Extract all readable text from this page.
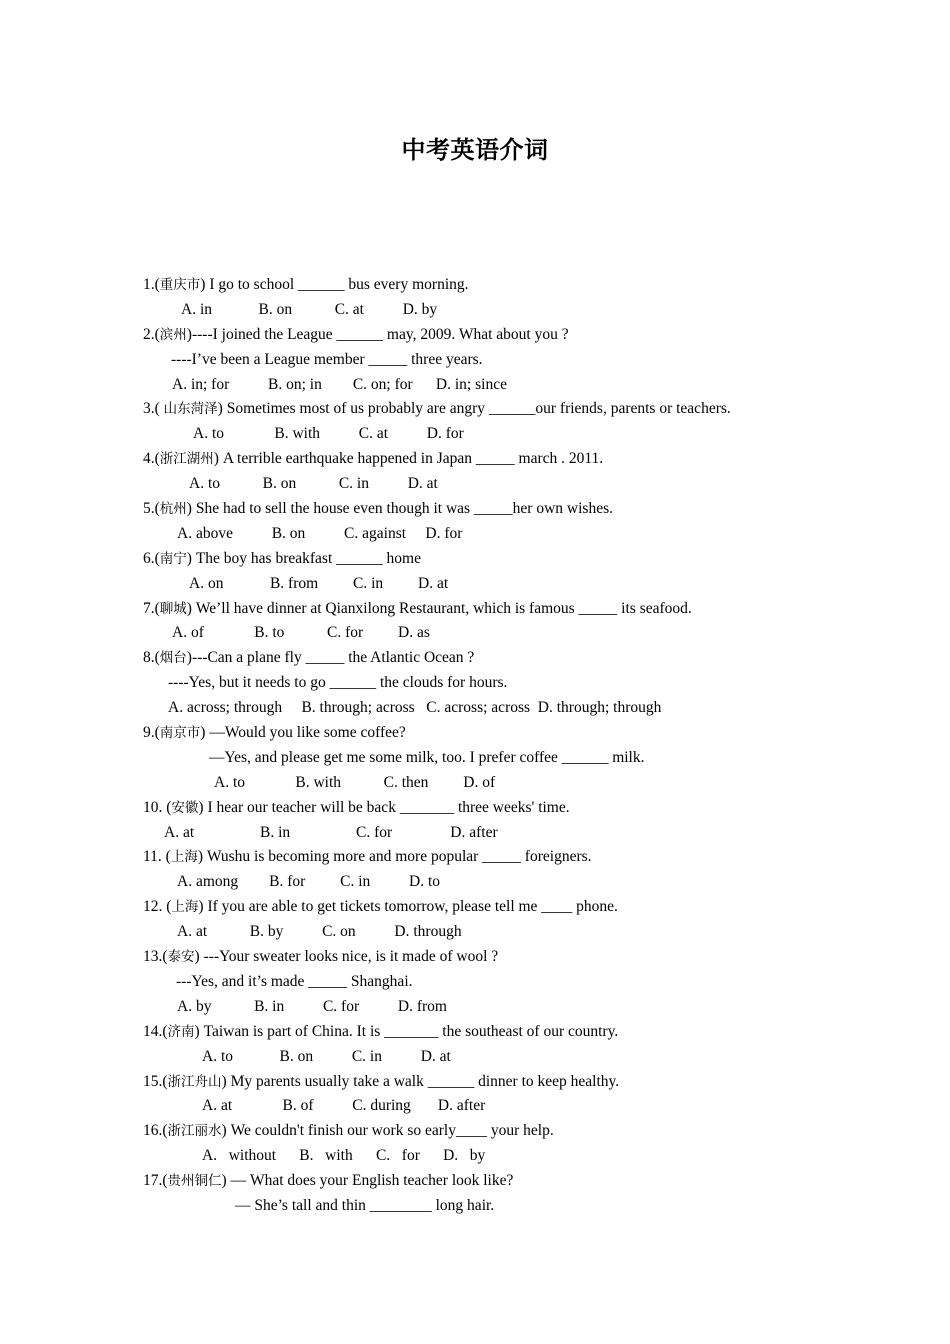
中考英语介词
1.(重庆市) I go to school ______ bus every morning.
A. in            B. on           C. at          D. by
2.(滨州)----I joined the League ______ may, 2009. What about you ?
----I’ve been a League member _____ three years.
A. in; for          B. on; in        C. on; for      D. in; since
3.( 山东菏泽) Sometimes most of us probably are angry ______our friends, parents or teachers.
A. to             B. with          C. at          D. for
4.(浙江湖州) A terrible earthquake happened in Japan _____ march . 2011.
A. to           B. on           C. in          D. at
5.(杭州) She had to sell the house even though it was _____her own wishes.
A. above          B. on          C. against     D. for
6.(南宁) The boy has breakfast ______ home
A. on            B. from         C. in         D. at
7.(聊城) We’ll have dinner at Qianxilong Restaurant, which is famous _____ its seafood.
A. of             B. to           C. for         D. as
8.(烟台)---Can a plane fly _____ the Atlantic Ocean ?
----Yes, but it needs to go ______ the clouds for hours.
A. across; through     B. through; across   C. across; across  D. through; through
9.(南京市) —Would you like some coffee?
—Yes, and please get me some milk, too. I prefer coffee ______ milk.
A. to             B. with           C. then         D. of
10. (安徽) I hear our teacher will be back _______ three weeks' time.
A. at                 B. in                 C. for               D. after
11. (上海) Wushu is becoming more and more popular _____ foreigners.
A. among        B. for         C. in          D. to
12. (上海) If you are able to get tickets tomorrow, please tell me ____ phone.
A. at           B. by          C. on          D. through
13.(泰安) ---Your sweater looks nice, is it made of wool ?
---Yes, and it’s made _____ Shanghai.
A. by           B. in          C. for          D. from
14.(济南) Taiwan is part of China. It is _______ the southeast of our country.
A. to            B. on          C. in          D. at
15.(浙江舟山) My parents usually take a walk ______ dinner to keep healthy.
A. at             B. of          C. during       D. after
16.(浙江丽水) We couldn't finish our work so early____ your help.
A.   without      B.   with      C.   for      D.   by
17.(贵州铜仁) — What does your English teacher look like?
— She’s tall and thin ________ long hair.
